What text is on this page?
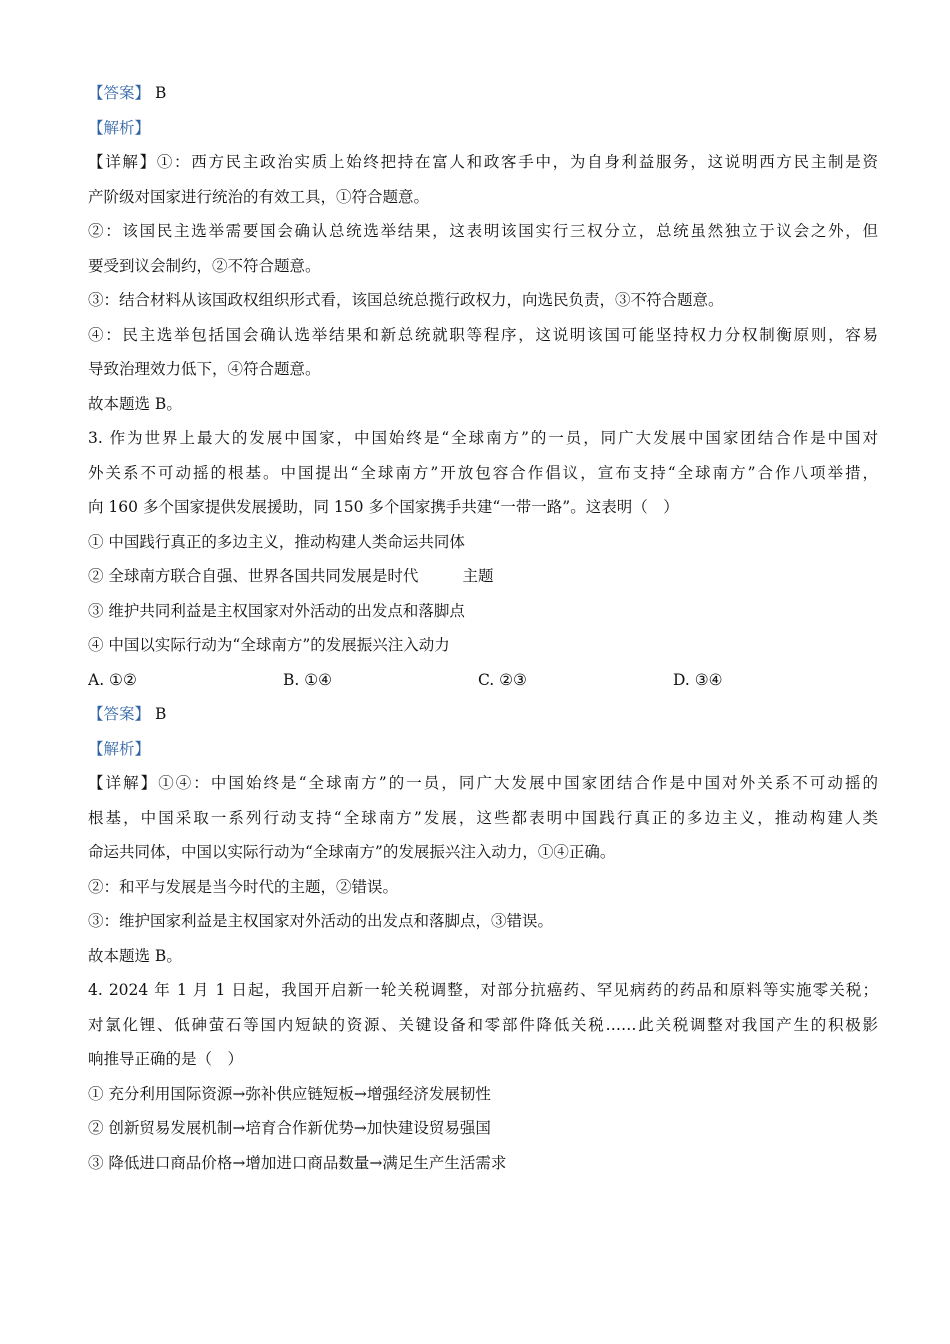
【答案】 B
【解析】
【详解】①：西方民主政治实质上始终把持在富人和政客手中，为自身利益服务，这说明西方民主制是资
产阶级对国家进行统治的有效工具，①符合题意。
②：该国民主选举需要国会确认总统选举结果，这表明该国实行三权分立，总统虽然独立于议会之外，但
要受到议会制约，②不符合题意。
③：结合材料从该国政权组织形式看，该国总统总揽行政权力，向选民负责，③不符合题意。
④：民主选举包括国会确认选举结果和新总统就职等程序，这说明该国可能坚持权力分权制衡原则，容易
导致治理效力低下，④符合题意。
故本题选 B。
3. 作为世界上最大的发展中国家，中国始终是“全球南方”的一员，同广大发展中国家团结合作是中国对
外关系不可动摇的根基。中国提出“全球南方”开放包容合作倡议，宣布支持“全球南方”合作八项举措，
向 160 多个国家提供发展援助，同 150 多个国家携手共建“一带一路”。这表明（　）
① 中国践行真正的多边主义，推动构建人类命运共同体
② 全球南方联合自强、世界各国共同发展是时代	主题
③ 维护共同利益是主权国家对外活动的出发点和落脚点
④ 中国以实际行动为“全球南方”的发展振兴注入动力
A. ①②	B. ①④	C. ②③	D. ③④
【答案】 B
【解析】
【详解】①④：中国始终是“全球南方”的一员，同广大发展中国家团结合作是中国对外关系不可动摇的
根基，中国采取一系列行动支持“全球南方”发展，这些都表明中国践行真正的多边主义，推动构建人类
命运共同体，中国以实际行动为“全球南方”的发展振兴注入动力，①④正确。
②：和平与发展是当今时代的主题，②错误。
③：维护国家利益是主权国家对外活动的出发点和落脚点，③错误。
故本题选 B。
4. 2024 年 1 月 1 日起，我国开启新一轮关税调整，对部分抗癌药、罕见病药的药品和原料等实施零关税；
对氯化锂、低砷萤石等国内短缺的资源、关键设备和零部件降低关税……此关税调整对我国产生的积极影
响推导正确的是（　）
① 充分利用国际资源→弥补供应链短板→增强经济发展韧性
② 创新贸易发展机制→培育合作新优势→加快建设贸易强国
③ 降低进口商品价格→增加进口商品数量→满足生产生活需求
